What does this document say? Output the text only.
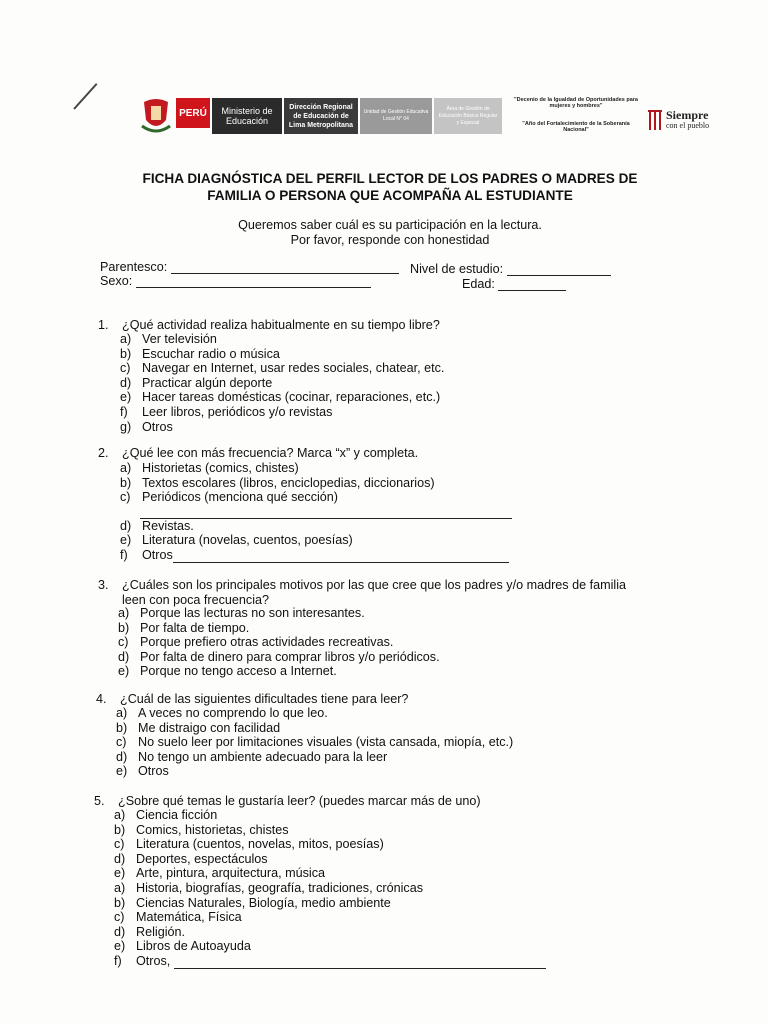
PERÚ	Ministerio de Educación
Dirección Regional de Educación de Lima Metropolitana
Unidad de Gestión Educativa Local N° 04
Área de Gestión de Educación Básica Regular y Especial
"Decenio de la Igualdad de Oportunidades para mujeres y hombres"
"Año del Fortalecimiento de la Soberanía Nacional"
Siempre
con el pueblo
FICHA DIAGNÓSTICA DEL PERFIL LECTOR DE LOS PADRES O MADRES DE
FAMILIA O PERSONA QUE ACOMPAÑA AL ESTUDIANTE
Queremos saber cuál es su participación en la lectura.
Por favor, responde con honestidad
Parentesco:	Nivel de estudio:
Sexo:	Edad:
1. ¿Qué actividad realiza habitualmente en su tiempo libre?
a) Ver televisión
b) Escuchar radio o música
c) Navegar en Internet, usar redes sociales, chatear, etc.
d) Practicar algún deporte
e) Hacer tareas domésticas (cocinar, reparaciones, etc.)
f) Leer libros, periódicos y/o revistas
g) Otros
2. ¿Qué lee con más frecuencia? Marca “x” y completa.
a) Historietas (comics, chistes)
b) Textos escolares (libros, enciclopedias, diccionarios)
c) Periódicos (menciona qué sección)
d) Revistas.
e) Literatura (novelas, cuentos, poesías)
f) Otros
3. ¿Cuáles son los principales motivos por las que cree que los padres y/o madres de familia
leen con poca frecuencia?
a) Porque las lecturas no son interesantes.
b) Por falta de tiempo.
c) Porque prefiero otras actividades recreativas.
d) Por falta de dinero para comprar libros y/o periódicos.
e) Porque no tengo acceso a Internet.
4. ¿Cuál de las siguientes dificultades tiene para leer?
a) A veces no comprendo lo que leo.
b) Me distraigo con facilidad
c) No suelo leer por limitaciones visuales (vista cansada, miopía, etc.)
d) No tengo un ambiente adecuado para la leer
e) Otros
5. ¿Sobre qué temas le gustaría leer? (puedes marcar más de uno)
a) Ciencia ficción
b) Comics, historietas, chistes
c) Literatura (cuentos, novelas, mitos, poesías)
d) Deportes, espectáculos
e) Arte, pintura, arquitectura, música
a) Historia, biografías, geografía, tradiciones, crónicas
b) Ciencias Naturales, Biología, medio ambiente
c) Matemática, Física
d) Religión.
e) Libros de Autoayuda
f) Otros,
